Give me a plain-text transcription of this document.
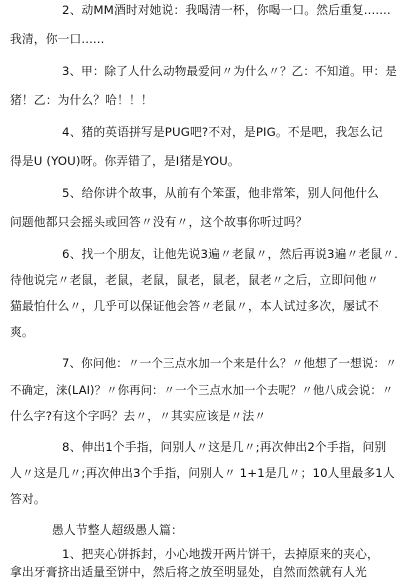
2、动MM酒时对她说：我喝清一杯，你喝一口。然后重复.......
我清，你一口......
3、甲：除了人什么动物最爱问〃为什么〃？乙：不知道。甲：是
猪！乙：为什么？哈！！！
4、猪的英语拼写是PUG吧?不对，是PIG。不是吧，我怎么记
得是U (YOU)呀。你弄错了，是I猪是YOU。
5、给你讲个故事，从前有个笨蛋，他非常笨，别人问他什么
问题他都只会摇头或回答〃没有〃，这个故事你听过吗？
6、找一个朋友，让他先说3遍〃老鼠〃，然后再说3遍〃老鼠〃.
待他说完〃老鼠，老鼠，老鼠，鼠老，鼠老，鼠老〃之后，立即问他〃
猫最怕什么〃，几乎可以保证他会答〃老鼠〃，本人试过多次，屡试不
爽。
7、你问他：〃一个三点水加一个来是什么？〃他想了一想说：〃
不确定，涞(LAI)？〃你再问：〃一个三点水加一个去呢？〃他八成会说：〃
什么字?有这个字吗？去〃，〃其实应该是〃法〃
8、伸出1个手指，问别人〃这是几〃;再次伸出2个手指，问别
人〃这是几〃;再次伸出3个手指，问别人〃 1+1是几〃；10人里最多1人
答对。
愚人节整人超级愚人篇：
1、把夹心饼拆封，小心地拨开两片饼干，去掉原来的夹心，
拿出牙膏挤出适量至饼中，然后将之放至明显处，自然而然就有人光
